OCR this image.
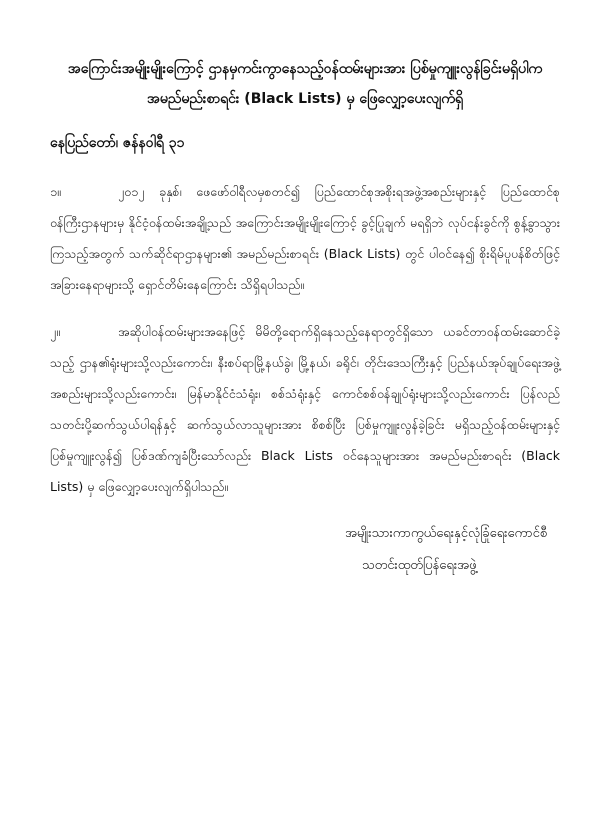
အကြောင်းအမျိုးမျိုးကြောင့် ဌာနမှကင်းကွာနေသည့်ဝန်ထမ်းများအား ပြစ်မှုကျူးလွန်ခြင်းမရှိပါက
အမည်မည်းစာရင်း (Black Lists) မှ ဖြေလျှော့ပေးလျက်ရှိ
နေပြည်တော်၊ ဇန်နဝါရီ ၃၁
၁။	၂၀၁၂ ခုနှစ်၊ ဖေဖော်ဝါရီလမှစတင်၍ ပြည်ထောင်စုအစိုးရအဖွဲ့အစည်းများနှင့် ပြည်ထောင်စုဝန်ကြီးဌာနများမှ နိုင်ငံ့ဝန်ထမ်းအချို့သည် အကြောင်းအမျိုးမျိုးကြောင့် ခွင့်ပြုချက် မရရှိဘဲ လုပ်ငန်းခွင်ကို စွန့်ခွာသွားကြသည့်အတွက် သက်ဆိုင်ရာဌာနများ၏ အမည်မည်းစာရင်း (Black Lists) တွင် ပါဝင်နေ၍ စိုးရိမ်ပူပန်စိတ်ဖြင့် အခြားနေရာများသို့ ရှောင်တိမ်းနေကြောင်း သိရှိရပါသည်။
၂။	အဆိုပါဝန်ထမ်းများအနေဖြင့် မိမိတို့ရောက်ရှိနေသည့်နေရာတွင်ရှိသော ယခင်တာဝန်ထမ်းဆောင်ခဲ့သည့် ဌာန၏ရုံးများသို့လည်းကောင်း၊ နီးစပ်ရာမြို့နယ်ခွဲ၊ မြို့နယ်၊ ခရိုင်၊ တိုင်းဒေသကြီးနှင့် ပြည်နယ်အုပ်ချုပ်ရေးအဖွဲ့အစည်းများသို့လည်းကောင်း၊ မြန်မာနိုင်ငံသံရုံး၊ စစ်သံရုံးနှင့် ကောင်စစ်ဝန်ချုပ်ရုံးများသို့လည်းကောင်း ပြန်လည်သတင်းပို့ဆက်သွယ်ပါရန်နှင့် ဆက်သွယ်လာသူများအား စိစစ်ပြီး ပြစ်မှုကျူးလွန်ခဲ့ခြင်း မရှိသည့်ဝန်ထမ်းများနှင့် ပြစ်မှုကျူးလွန်၍ ပြစ်ဒဏ်ကျခံပြီးသော်လည်း Black Lists ဝင်နေသူများအား အမည်မည်းစာရင်း (Black Lists) မှ ဖြေလျှော့ပေးလျက်ရှိပါသည်။
အမျိုးသားကာကွယ်ရေးနှင့်လုံခြုံရေးကောင်စီ
သတင်းထုတ်ပြန်ရေးအဖွဲ့
